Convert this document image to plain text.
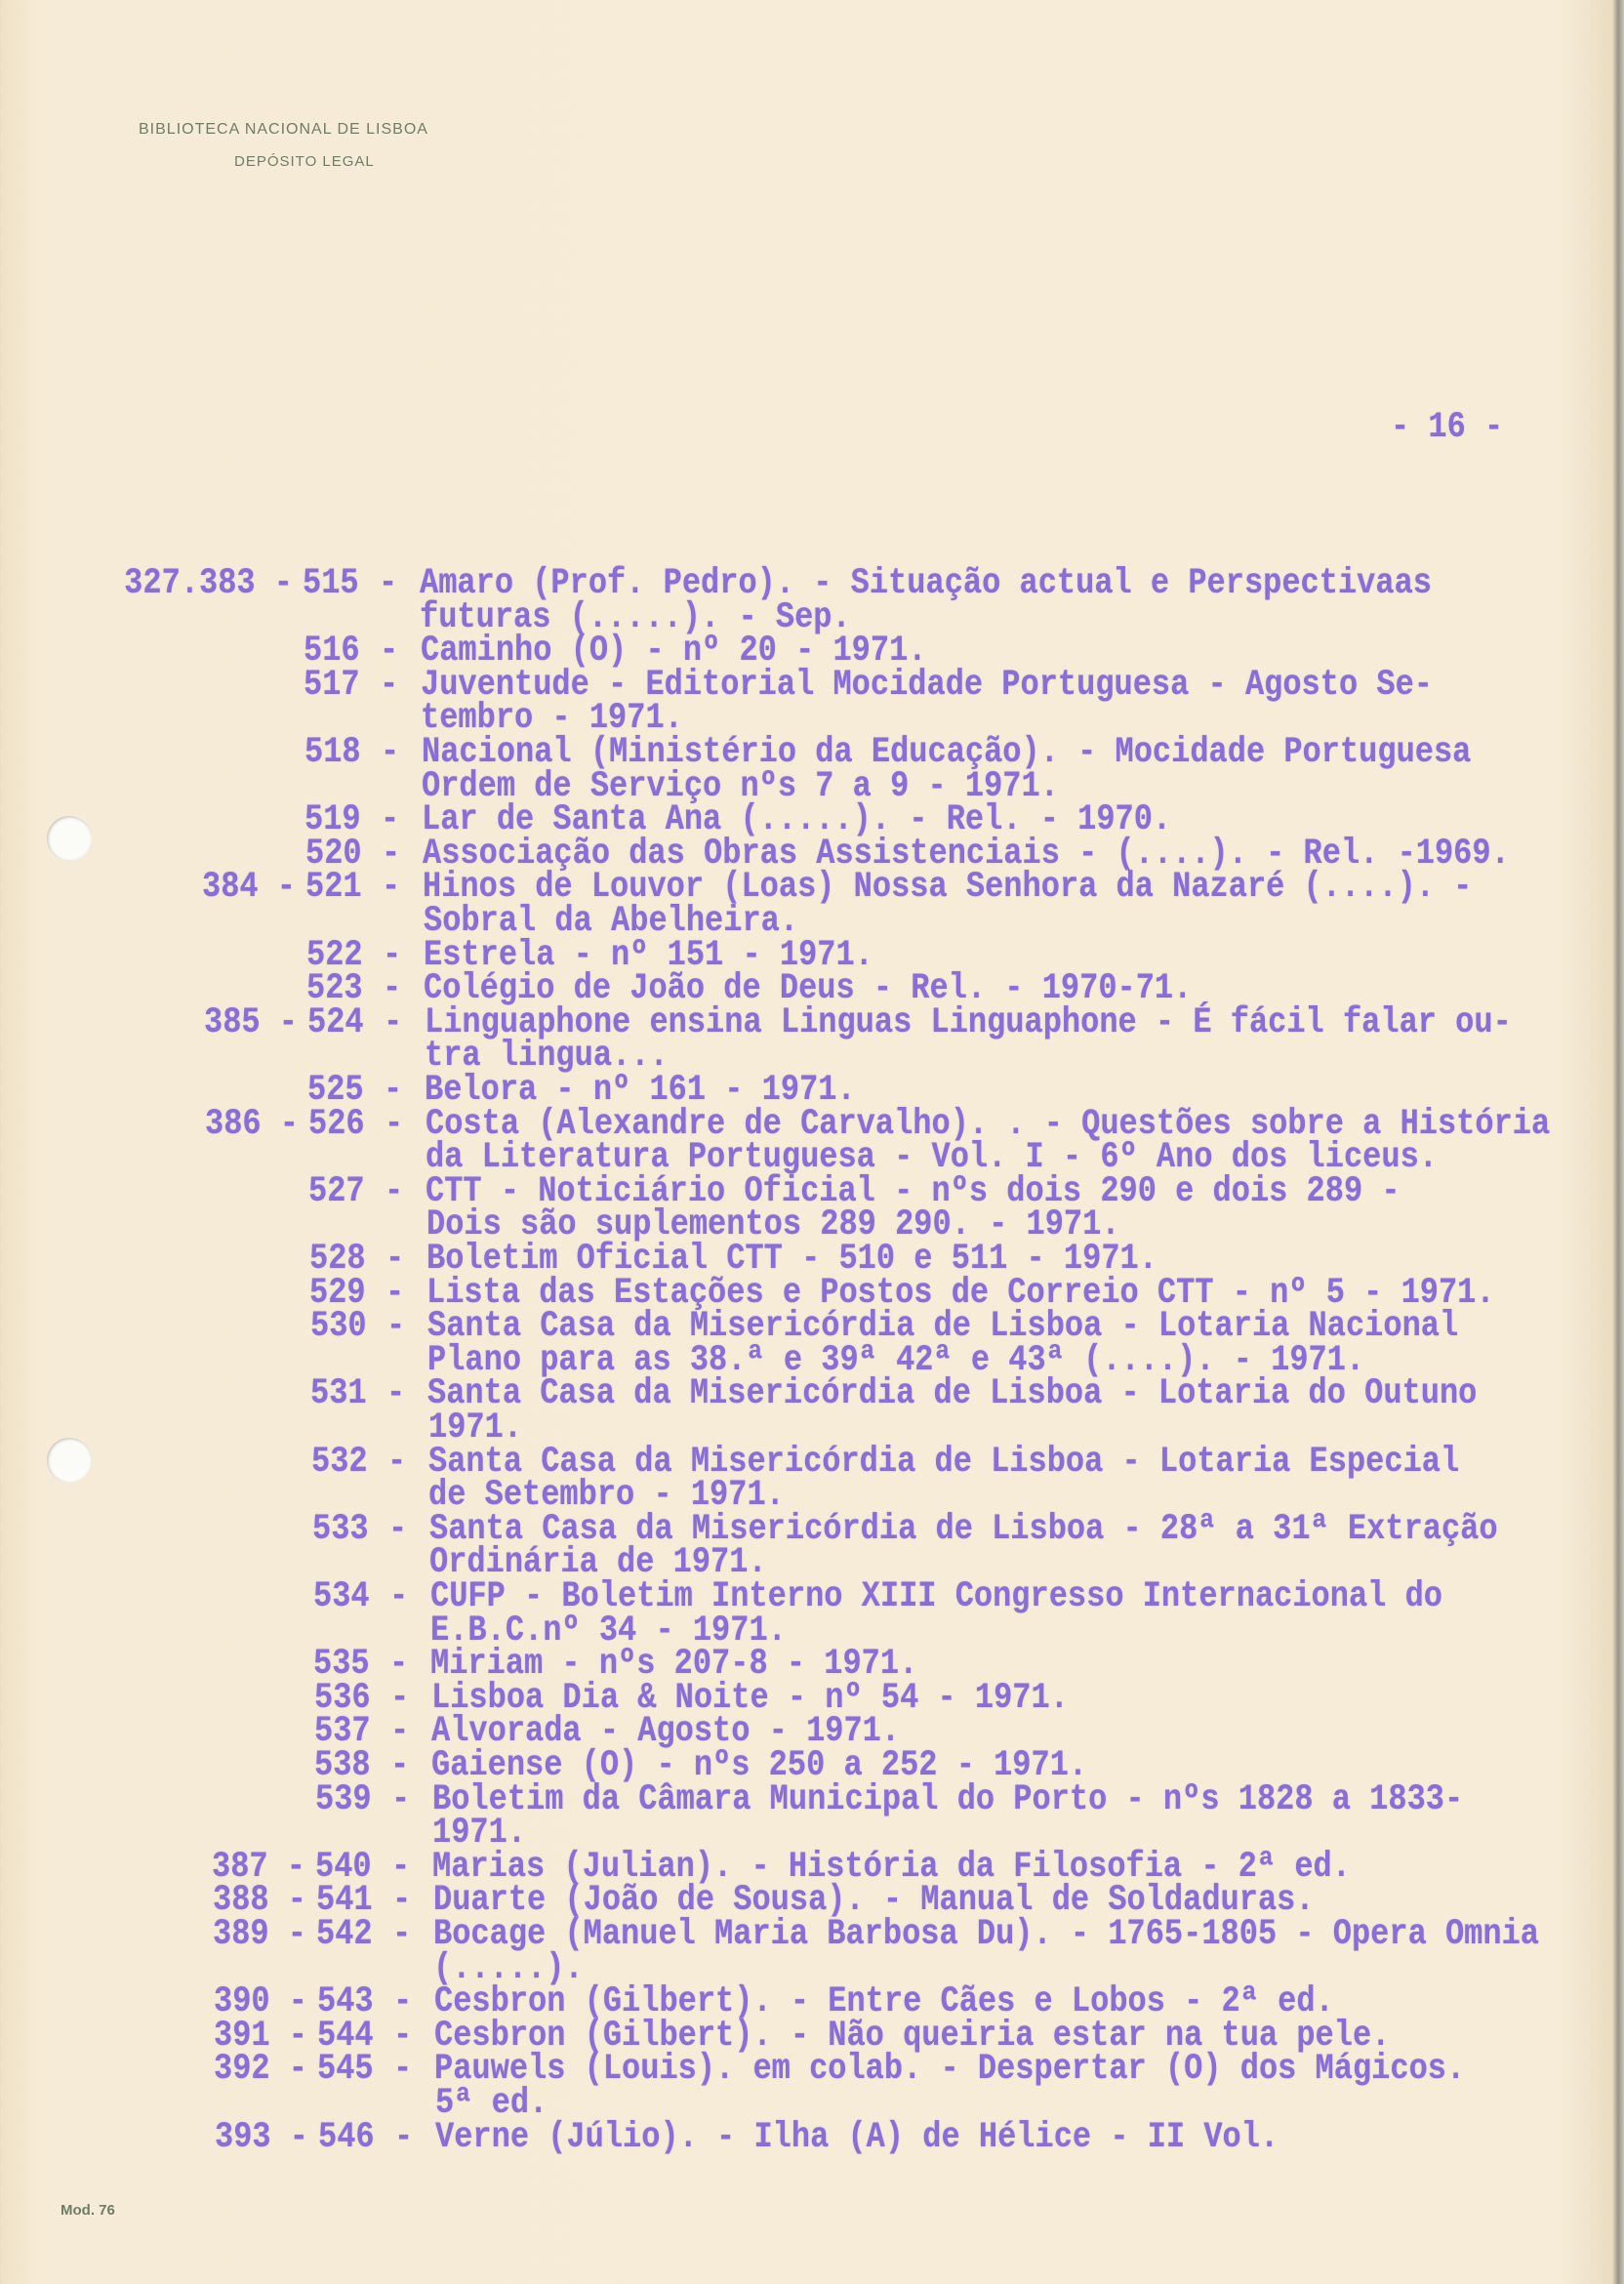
BIBLIOTECA NACIONAL DE LISBOA
DEPÓSITO LEGAL
- 16 -
Mod. 76
327.383 - 515 - Amaro (Prof. Pedro). - Situação actual e Perspectivaas
futuras (.....). - Sep.
516 - Caminho (O) - nº 20 - 1971.
517 - Juventude - Editorial Mocidade Portuguesa - Agosto Se-
tembro - 1971.
518 - Nacional (Ministério da Educação). - Mocidade Portuguesa
Ordem de Serviço nºs 7 a 9 - 1971.
519 - Lar de Santa Ana (.....). - Rel. - 1970.
520 - Associação das Obras Assistenciais - (....). - Rel. -1969.
384 - 521 - Hinos de Louvor (Loas) Nossa Senhora da Nazaré (....). -
Sobral da Abelheira.
522 - Estrela - nº 151 - 1971.
523 - Colégio de João de Deus - Rel. - 1970-71.
385 - 524 - Linguaphone ensina Linguas Linguaphone - É fácil falar ou-
tra lingua...
525 - Belora - nº 161 - 1971.
386 - 526 - Costa (Alexandre de Carvalho). . - Questões sobre a História
da Literatura Portuguesa - Vol. I - 6º Ano dos liceus.
527 - CTT - Noticiário Oficial - nºs dois 290 e dois 289 -
Dois são suplementos 289 290. - 1971.
528 - Boletim Oficial CTT - 510 e 511 - 1971.
529 - Lista das Estações e Postos de Correio CTT - nº 5 - 1971.
530 - Santa Casa da Misericórdia de Lisboa - Lotaria Nacional
Plano para as 38.ª e 39ª 42ª e 43ª (....). - 1971.
531 - Santa Casa da Misericórdia de Lisboa - Lotaria do Outuno
1971.
532 - Santa Casa da Misericórdia de Lisboa - Lotaria Especial
de Setembro - 1971.
533 - Santa Casa da Misericórdia de Lisboa - 28ª a 31ª Extração
Ordinária de 1971.
534 - CUFP - Boletim Interno XIII Congresso Internacional do
E.B.C.nº 34 - 1971.
535 - Miriam - nºs 207-8 - 1971.
536 - Lisboa Dia & Noite - nº 54 - 1971.
537 - Alvorada - Agosto - 1971.
538 - Gaiense (O) - nºs 250 a 252 - 1971.
539 - Boletim da Câmara Municipal do Porto - nºs 1828 a 1833-
1971.
387 - 540 - Marias (Julian). - História da Filosofia - 2ª ed.
388 - 541 - Duarte (João de Sousa). - Manual de Soldaduras.
389 - 542 - Bocage (Manuel Maria Barbosa Du). - 1765-1805 - Opera Omnia
(.....).
390 - 543 - Cesbron (Gilbert). - Entre Cães e Lobos - 2ª ed.
391 - 544 - Cesbron (Gilbert). - Não queiria estar na tua pele.
392 - 545 - Pauwels (Louis). em colab. - Despertar (O) dos Mágicos.
5ª ed.
393 - 546 - Verne (Júlio). - Ilha (A) de Hélice - II Vol.
